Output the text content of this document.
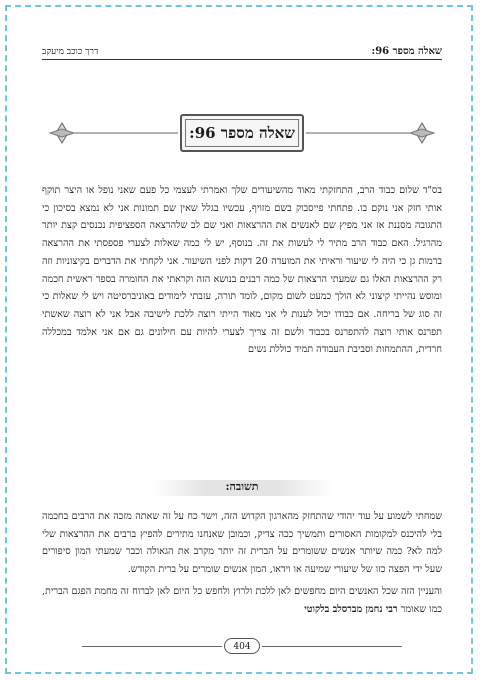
שאלה מספר 96:
דרך כוכב מיעקב
שאלה מספר 96:

בס"ד שלום כבוד הרב, התחזקתי מאוד מהשיעורים שלך ואמרתי לעצמי כל פעם שאני נופל או היצר תוקף אותי חזק אני נוקם בו. פתחתי פייסבוק בשם מזויף, עכשיו בגלל שאין שם תמונות אני לא נמצא בסיכון כי התגובה מסננת אז אני מפיץ שם לאנשים את ההרצאות ואני שם לב שלהרצאה הספציפית נכנסים קצת יותר מהרגיל. האם כבוד הרב מתיר לי לעשות את זה. בנוסף, יש לי כמה שאלות לצערי פספסתי את ההרצאה ברמות גן כי היה לי שיעור וראיתי את המועדה 20 דקות לפני השיעור. אני לקחתי את הדברים בקיצוניות וזה רק ההרצאות האלו גם שמעתי הרצאות של כמה רבנים בנושא הזה וקראתי את החומרה בספר ראשית חכמה ומוסש נהייתי קיצוני לא הולך כמעט לשום מקום, לומד תורה, עזבתי לימודים באוניברסיטה ויש לי שאלות כי זה סוג של בריחה. אם כבודו יכול לענות לי אני מאוד הייתי רוצה ללכת לישיבה אבל אני לא רוצה שאשתי תפרנס אותי רוצה להתפרנס בכבוד ולשם זה צריך לצערי להיות עם חילונים גם אם אני אלמד במכללה חרדית, ההתמחות וסביבת העבודה תמיד כוללת נשים

תשובה:

שמחתי לשמוע על עוד יהודי שהתחזק מהארגון הקדוש הזה, וישר כח על זה שאתה מזכה את הרבים בחכמה בלי להיכנס למקומות האסורים ותמשיך ככה צדיק, וכמובן שאנחנו מתירים להפיץ ברבים את ההרצאות שלי למה לא? כמה שיותר אנשים ששומרים על הברית זה יותר מקרב את הגאולה וכבר שמעתי המון סיפורים שעל ידי הפצה כזו של שיעורי שמיעה או וידאו, המון אנשים שומרים על ברית הקודש.

והעניין הזה שכל האנשים היום מחפשים לאן ללכת ולרוץ ולחפש כל היום לאן לברוח זה מחמת הפגם הברית, כמו שאומר רבי נחמן מברסלב בלקוטי

404
